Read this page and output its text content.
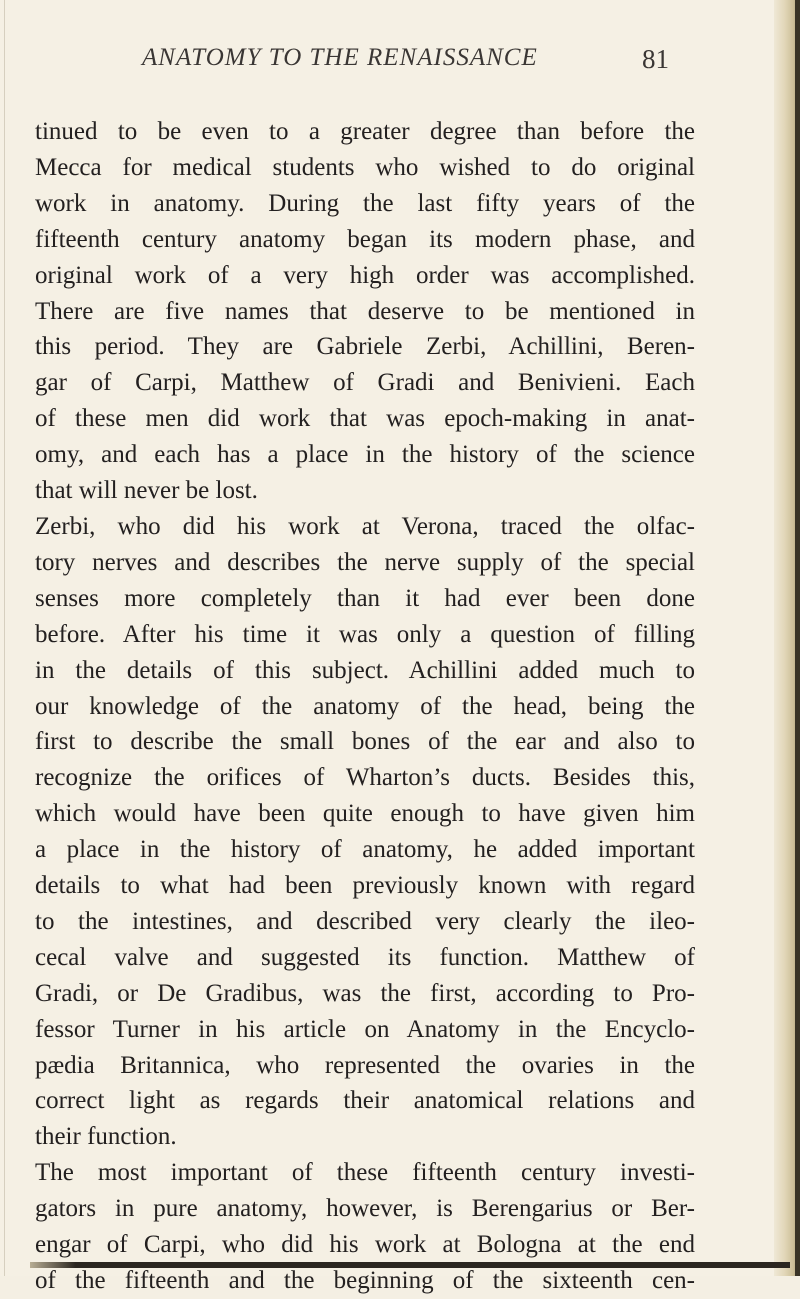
ANATOMY TO THE RENAISSANCE	81
tinued to be even to a greater degree than before the
Mecca for medical students who wished to do original
work in anatomy. During the last fifty years of the
fifteenth century anatomy began its modern phase, and
original work of a very high order was accomplished.
There are five names that deserve to be mentioned in
this period. They are Gabriele Zerbi, Achillini, Beren-
gar of Carpi, Matthew of Gradi and Benivieni. Each
of these men did work that was epoch-making in anat-
omy, and each has a place in the history of the science
that will never be lost.
Zerbi, who did his work at Verona, traced the olfac-
tory nerves and describes the nerve supply of the special
senses more completely than it had ever been done
before. After his time it was only a question of filling
in the details of this subject. Achillini added much to
our knowledge of the anatomy of the head, being the
first to describe the small bones of the ear and also to
recognize the orifices of Wharton’s ducts. Besides this,
which would have been quite enough to have given him
a place in the history of anatomy, he added important
details to what had been previously known with regard
to the intestines, and described very clearly the ileo-
cecal valve and suggested its function. Matthew of
Gradi, or De Gradibus, was the first, according to Pro-
fessor Turner in his article on Anatomy in the Encyclo-
pædia Britannica, who represented the ovaries in the
correct light as regards their anatomical relations and
their function.
The most important of these fifteenth century investi-
gators in pure anatomy, however, is Berengarius or Ber-
engar of Carpi, who did his work at Bologna at the end
of the fifteenth and the beginning of the sixteenth cen-
